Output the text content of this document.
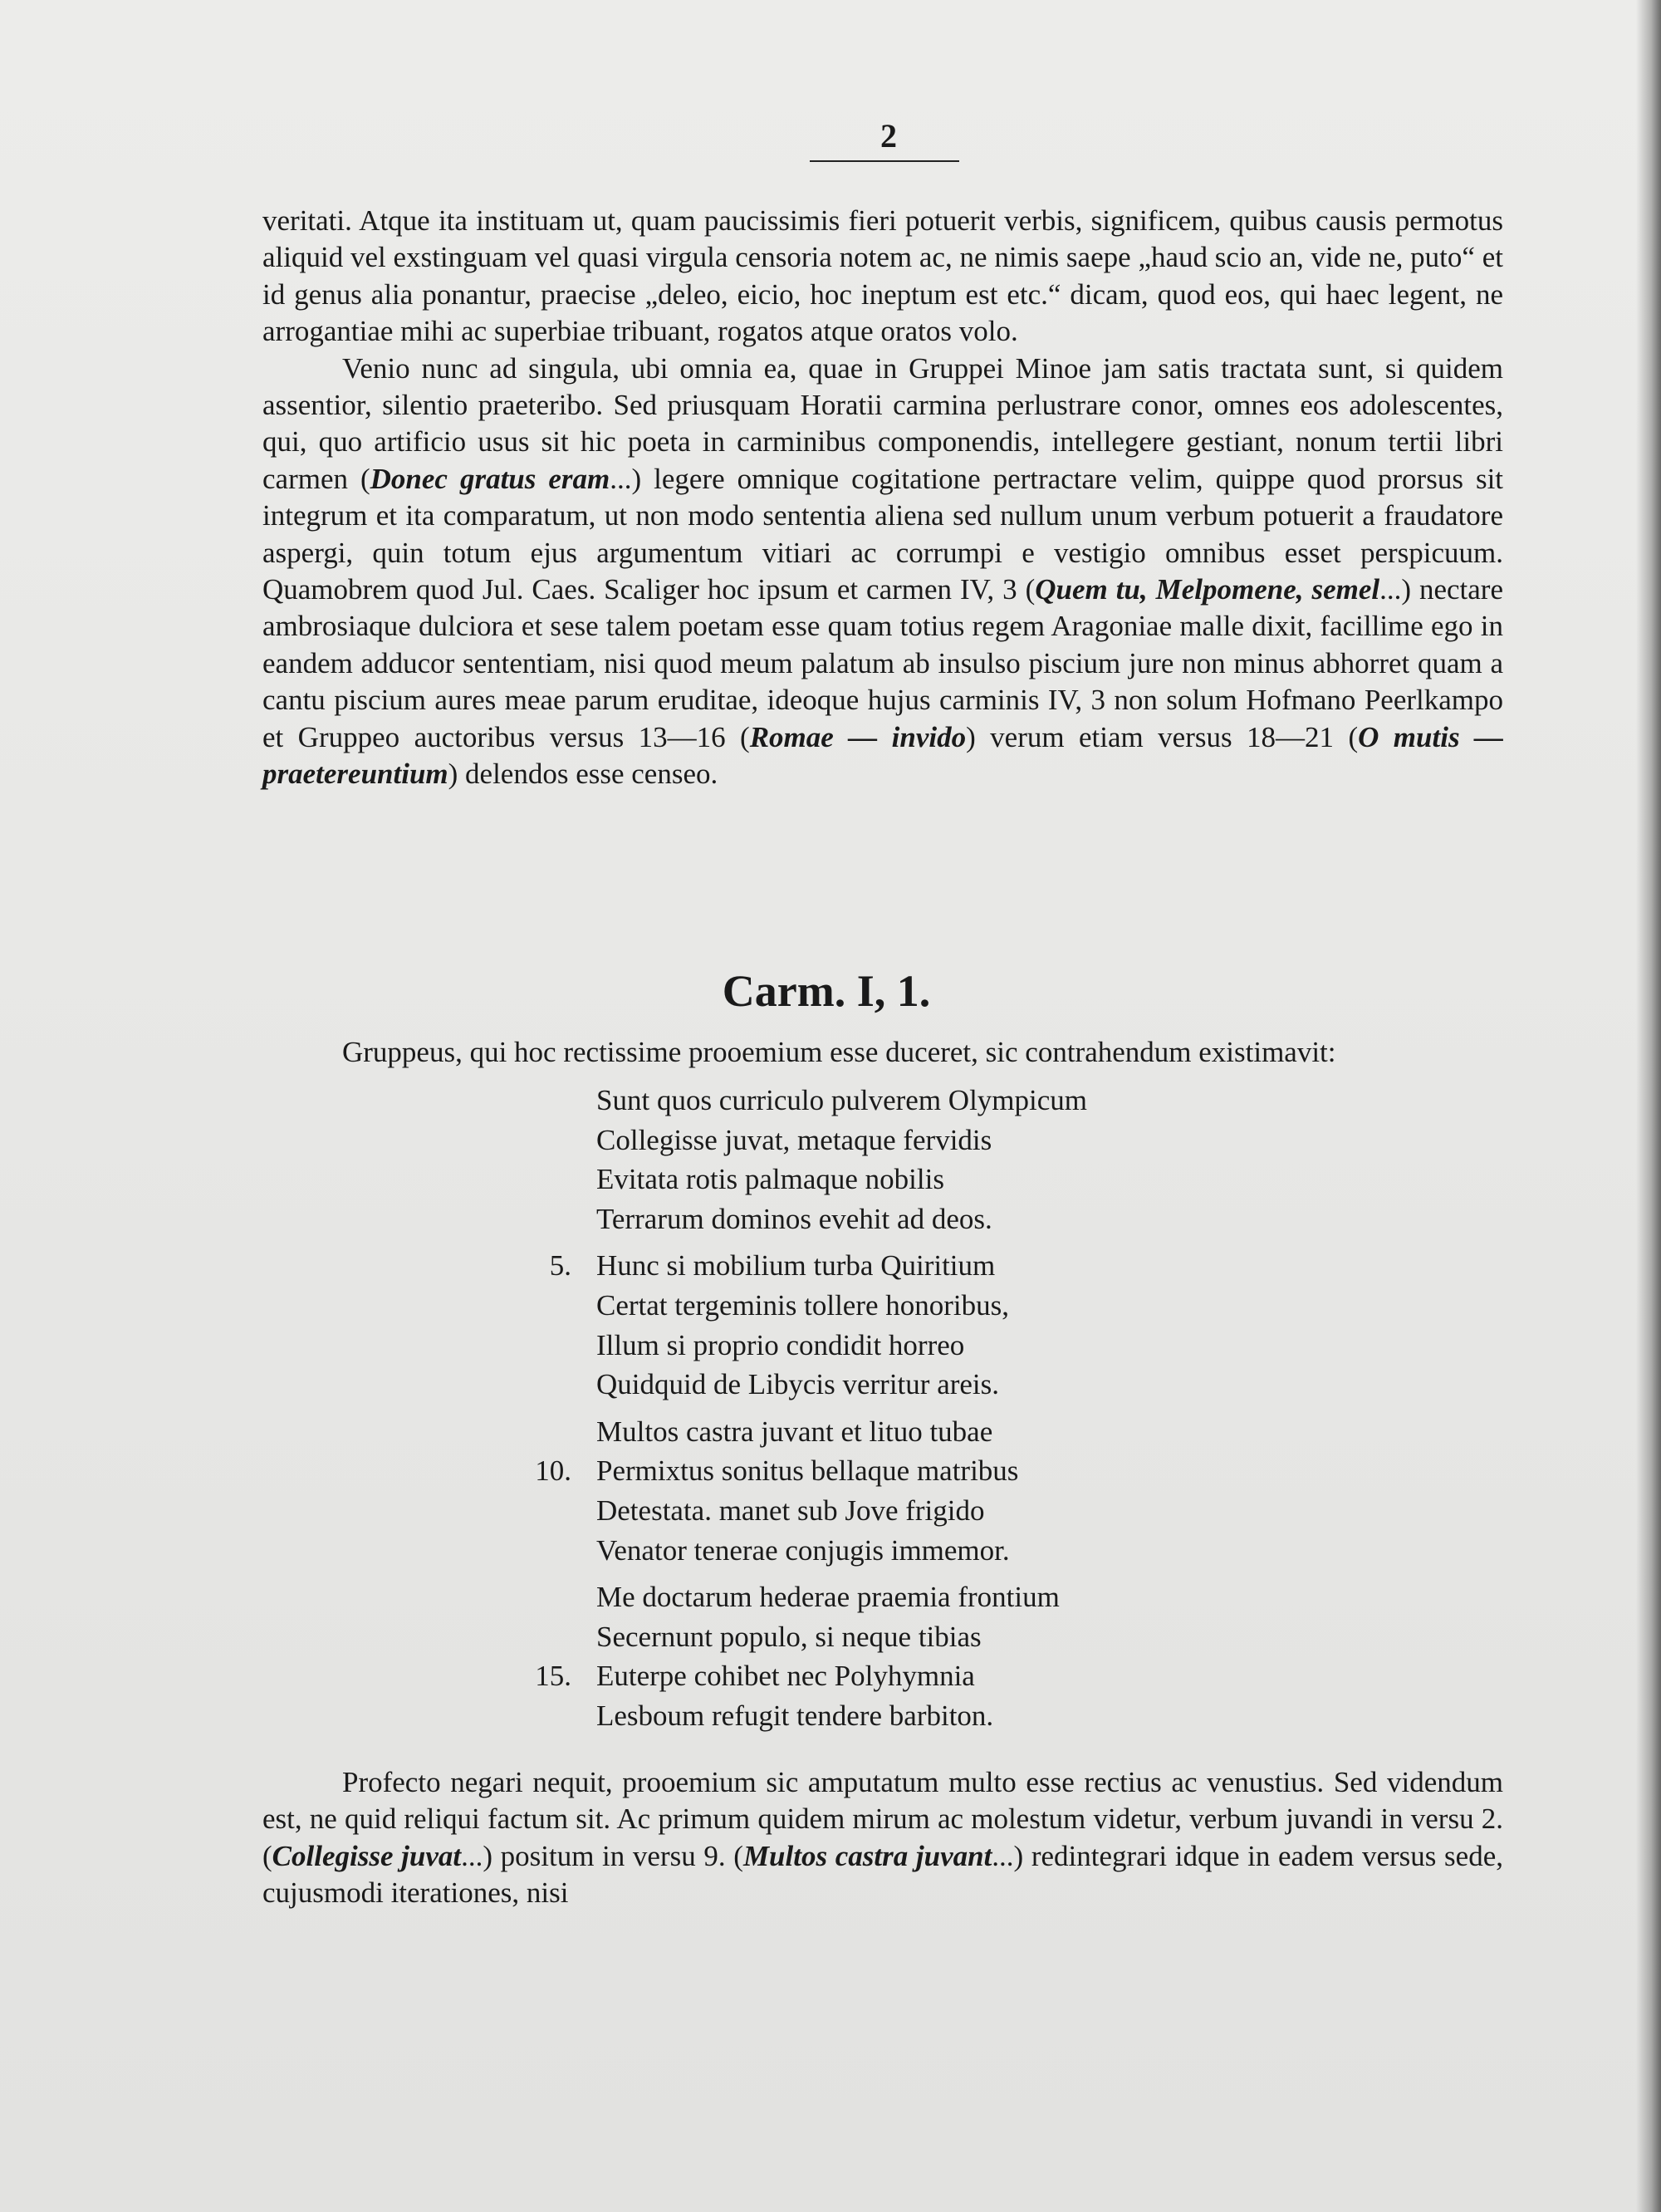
2

veritati. Atque ita instituam ut, quam paucissimis fieri potuerit verbis, significem, quibus causis permotus aliquid vel exstinguam vel quasi virgula censoria notem ac, ne nimis saepe „haud scio an, vide ne, puto“ et id genus alia ponantur, praecise „deleo, eicio, hoc ineptum est etc.“ dicam, quod eos, qui haec legent, ne arrogantiae mihi ac superbiae tribuant, rogatos atque oratos volo.

Venio nunc ad singula, ubi omnia ea, quae in Gruppei Minoe jam satis tractata sunt, si quidem assentior, silentio praeteribo. Sed priusquam Horatii carmina perlustrare conor, omnes eos adolescentes, qui, quo artificio usus sit hic poeta in carminibus componendis, intellegere gestiant, nonum tertii libri carmen (Donec gratus eram...) legere omnique cogitatione pertractare velim, quippe quod prorsus sit integrum et ita comparatum, ut non modo sententia aliena sed nullum unum verbum potuerit a fraudatore aspergi, quin totum ejus argumentum vitiari ac corrumpi e vestigio omnibus esset perspicuum. Quamobrem quod Jul. Caes. Scaliger hoc ipsum et carmen IV, 3 (Quem tu, Melpomene, semel...) nectare ambrosiaque dulciora et sese talem poetam esse quam totius regem Aragoniae malle dixit, facillime ego in eandem adducor sententiam, nisi quod meum palatum ab insulso piscium jure non minus abhorret quam a cantu piscium aures meae parum eruditae, ideoque hujus carminis IV, 3 non solum Hofmano Peerlkampo et Gruppeo auctoribus versus 13—16 (Romae — invido) verum etiam versus 18—21 (O mutis — praetereuntium) delendos esse censeo.

Carm. I, 1.

Gruppeus, qui hoc rectissime prooemium esse duceret, sic contrahendum existimavit:

Sunt quos curriculo pulverem Olympicum
Collegisse juvat, metaque fervidis
Evitata rotis palmaque nobilis
Terrarum dominos evehit ad deos.
5. Hunc si mobilium turba Quiritium
Certat tergeminis tollere honoribus,
Illum si proprio condidit horreo
Quidquid de Libycis verritur areis.
Multos castra juvant et lituo tubae
10. Permixtus sonitus bellaque matribus
Detestata. manet sub Jove frigido
Venator tenerae conjugis immemor.
Me doctarum hederae praemia frontium
Secernunt populo, si neque tibias
15. Euterpe cohibet nec Polyhymnia
Lesboum refugit tendere barbiton.

Profecto negari nequit, prooemium sic amputatum multo esse rectius ac venustius. Sed videndum est, ne quid reliqui factum sit. Ac primum quidem mirum ac molestum videtur, verbum juvandi in versu 2. (Collegisse juvat...) positum in versu 9. (Multos castra juvant...) redintegrari idque in eadem versus sede, cujusmodi iterationes, nisi
